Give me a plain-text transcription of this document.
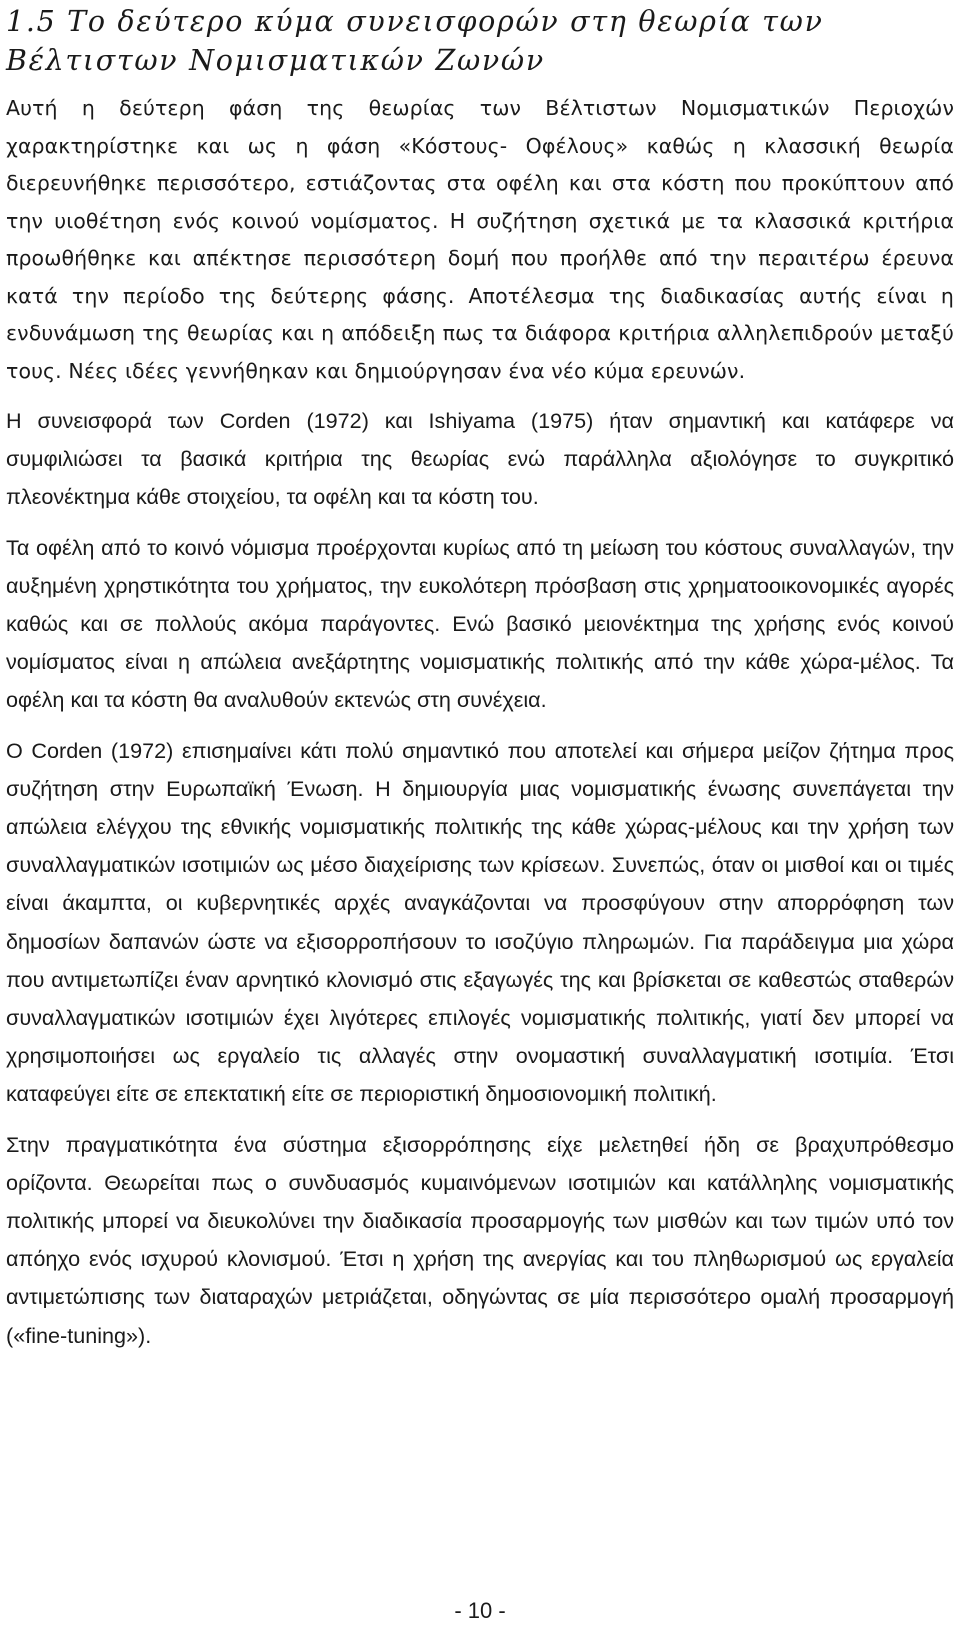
1.5 Το δεύτερο κύμα συνεισφορών στη θεωρία των Βέλτιστων Νομισματικών Ζωνών

Αυτή η δεύτερη φάση της θεωρίας των Βέλτιστων Νομισματικών Περιοχών χαρακτηρίστηκε και ως η φάση «Κόστους- Οφέλους» καθώς η κλασσική θεωρία διερευνήθηκε περισσότερο, εστιάζοντας στα οφέλη και στα κόστη που προκύπτουν από την υιοθέτηση ενός κοινού νομίσματος. Η συζήτηση σχετικά με τα κλασσικά κριτήρια προωθήθηκε και απέκτησε περισσότερη δομή που προήλθε από την περαιτέρω έρευνα κατά την περίοδο της δεύτερης φάσης. Αποτέλεσμα της διαδικασίας αυτής είναι η ενδυνάμωση της θεωρίας και η απόδειξη πως τα διάφορα κριτήρια αλληλεπιδρούν μεταξύ τους. Νέες ιδέες γεννήθηκαν και δημιούργησαν ένα νέο κύμα ερευνών.

Η συνεισφορά των Corden (1972) και Ishiyama (1975) ήταν σημαντική και κατάφερε να συμφιλιώσει τα βασικά κριτήρια της θεωρίας ενώ παράλληλα αξιολόγησε το συγκριτικό πλεονέκτημα κάθε στοιχείου, τα οφέλη και τα κόστη του.

Τα οφέλη από το κοινό νόμισμα προέρχονται κυρίως από τη μείωση του κόστους συναλλαγών, την αυξημένη χρηστικότητα του χρήματος, την ευκολότερη πρόσβαση στις χρηματοοικονομικές αγορές καθώς και σε πολλούς ακόμα παράγοντες. Ενώ βασικό μειονέκτημα της χρήσης ενός κοινού νομίσματος είναι η απώλεια ανεξάρτητης νομισματικής πολιτικής από την κάθε χώρα-μέλος. Τα οφέλη και τα κόστη θα αναλυθούν εκτενώς στη συνέχεια.

Ο Corden (1972) επισημαίνει κάτι πολύ σημαντικό που αποτελεί και σήμερα μείζον ζήτημα προς συζήτηση στην Ευρωπαϊκή Ένωση. Η δημιουργία μιας νομισματικής ένωσης συνεπάγεται την απώλεια ελέγχου της εθνικής νομισματικής πολιτικής της κάθε χώρας-μέλους και την χρήση των συναλλαγματικών ισοτιμιών ως μέσο διαχείρισης των κρίσεων. Συνεπώς, όταν οι μισθοί και οι τιμές είναι άκαμπτα, οι κυβερνητικές αρχές αναγκάζονται να προσφύγουν στην απορρόφηση των δημοσίων δαπανών ώστε να εξισορροπήσουν το ισοζύγιο πληρωμών. Για παράδειγμα μια χώρα που αντιμετωπίζει έναν αρνητικό κλονισμό στις εξαγωγές της και βρίσκεται σε καθεστώς σταθερών συναλλαγματικών ισοτιμιών έχει λιγότερες επιλογές νομισματικής πολιτικής, γιατί δεν μπορεί να χρησιμοποιήσει ως εργαλείο τις αλλαγές στην ονομαστική συναλλαγματική ισοτιμία. Έτσι καταφεύγει είτε σε επεκτατική είτε σε περιοριστική δημοσιονομική πολιτική.

Στην πραγματικότητα ένα σύστημα εξισορρόπησης είχε μελετηθεί ήδη σε βραχυπρόθεσμο ορίζοντα. Θεωρείται πως ο συνδυασμός κυμαινόμενων ισοτιμιών και κατάλληλης νομισματικής πολιτικής μπορεί να διευκολύνει την διαδικασία προσαρμογής των μισθών και των τιμών υπό τον απόηχο ενός ισχυρού κλονισμού. Έτσι η χρήση της ανεργίας και του πληθωρισμού ως εργαλεία αντιμετώπισης των διαταραχών μετριάζεται, οδηγώντας σε μία περισσότερο ομαλή προσαρμογή («fine-tuning»).

- 10 -
